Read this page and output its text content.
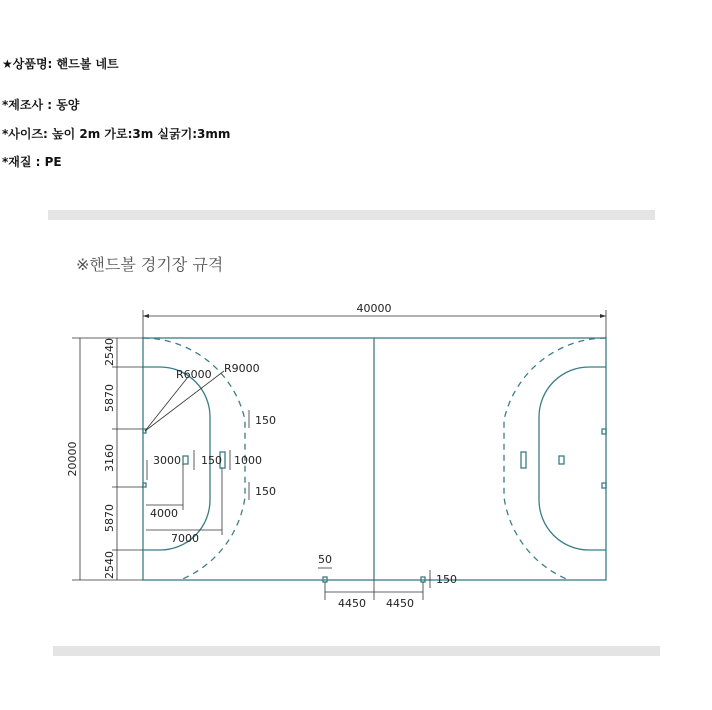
★상품명: 핸드볼 네트
*제조사 : 동양
*사이즈: 높이 2m 가로:3m 실굵기:3mm
*재질 : PE
※핸드볼 경기장 규격
40000
20000
2540
5870
3160
5870
2540
R6000 R9000
3000 150 1000
150
150
4000
7000
50
4450 4450
150
